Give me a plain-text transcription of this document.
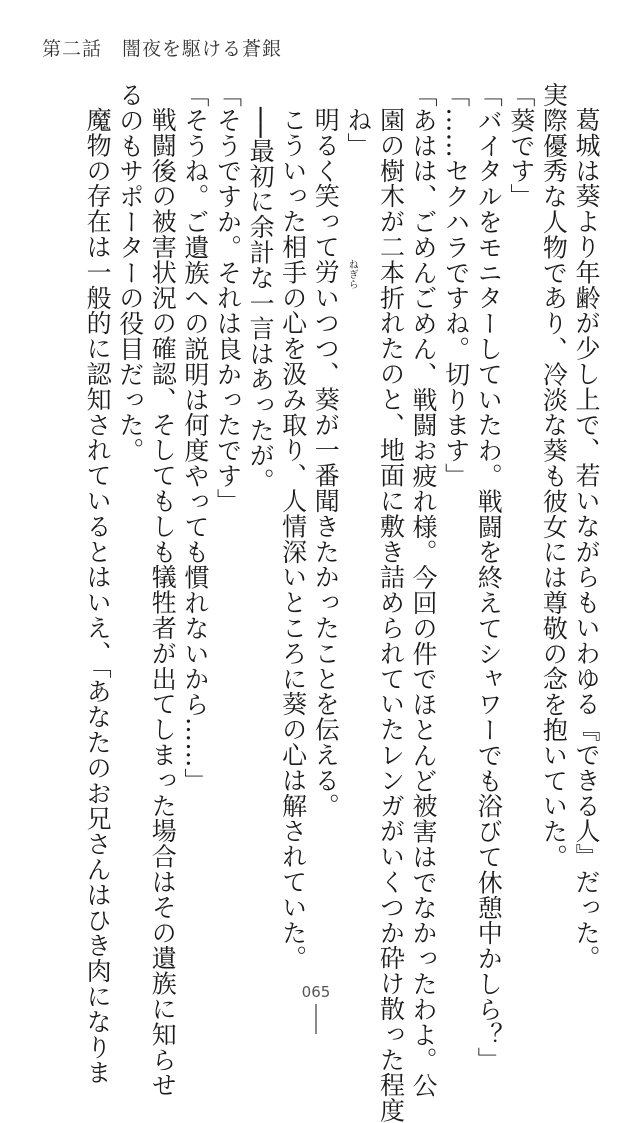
第二話　闇夜を駆ける蒼銀
葛城は葵より年齢が少し上で、若いながらもいわゆる『できる人』だった。
実際優秀な人物であり、冷淡な葵も彼女には尊敬の念を抱いていた。
「葵です」
「バイタルをモニターしていたわ。戦闘を終えてシャワーでも浴びて休憩中かしら？」
「……セクハラですね。切ります」
「あはは、ごめんごめん、戦闘お疲れ様。今回の件でほとんど被害はでなかったわよ。公
園の樹木が二本折れたのと、地面に敷き詰められていたレンガがいくつか砕け散った程度
ね」
明るく笑って労 ねぎら
いつつ、葵が一番聞きたかったことを伝える。
こういった相手の心を汲み取り、人情深いところに葵の心は解されていた。
──最初に余計な一言はあったが。
「そうですか。それは良かったです」
「そうね。ご遺族への説明は何度やっても慣れないから……」
戦闘後の被害状況の確認、そしてもしも犠牲者が出てしまった場合はその遺族に知らせ
るのもサポーターの役目だった。
魔物の存在は一般的に認知されているとはいえ、「あなたのお兄さんはひき肉になりま	065
